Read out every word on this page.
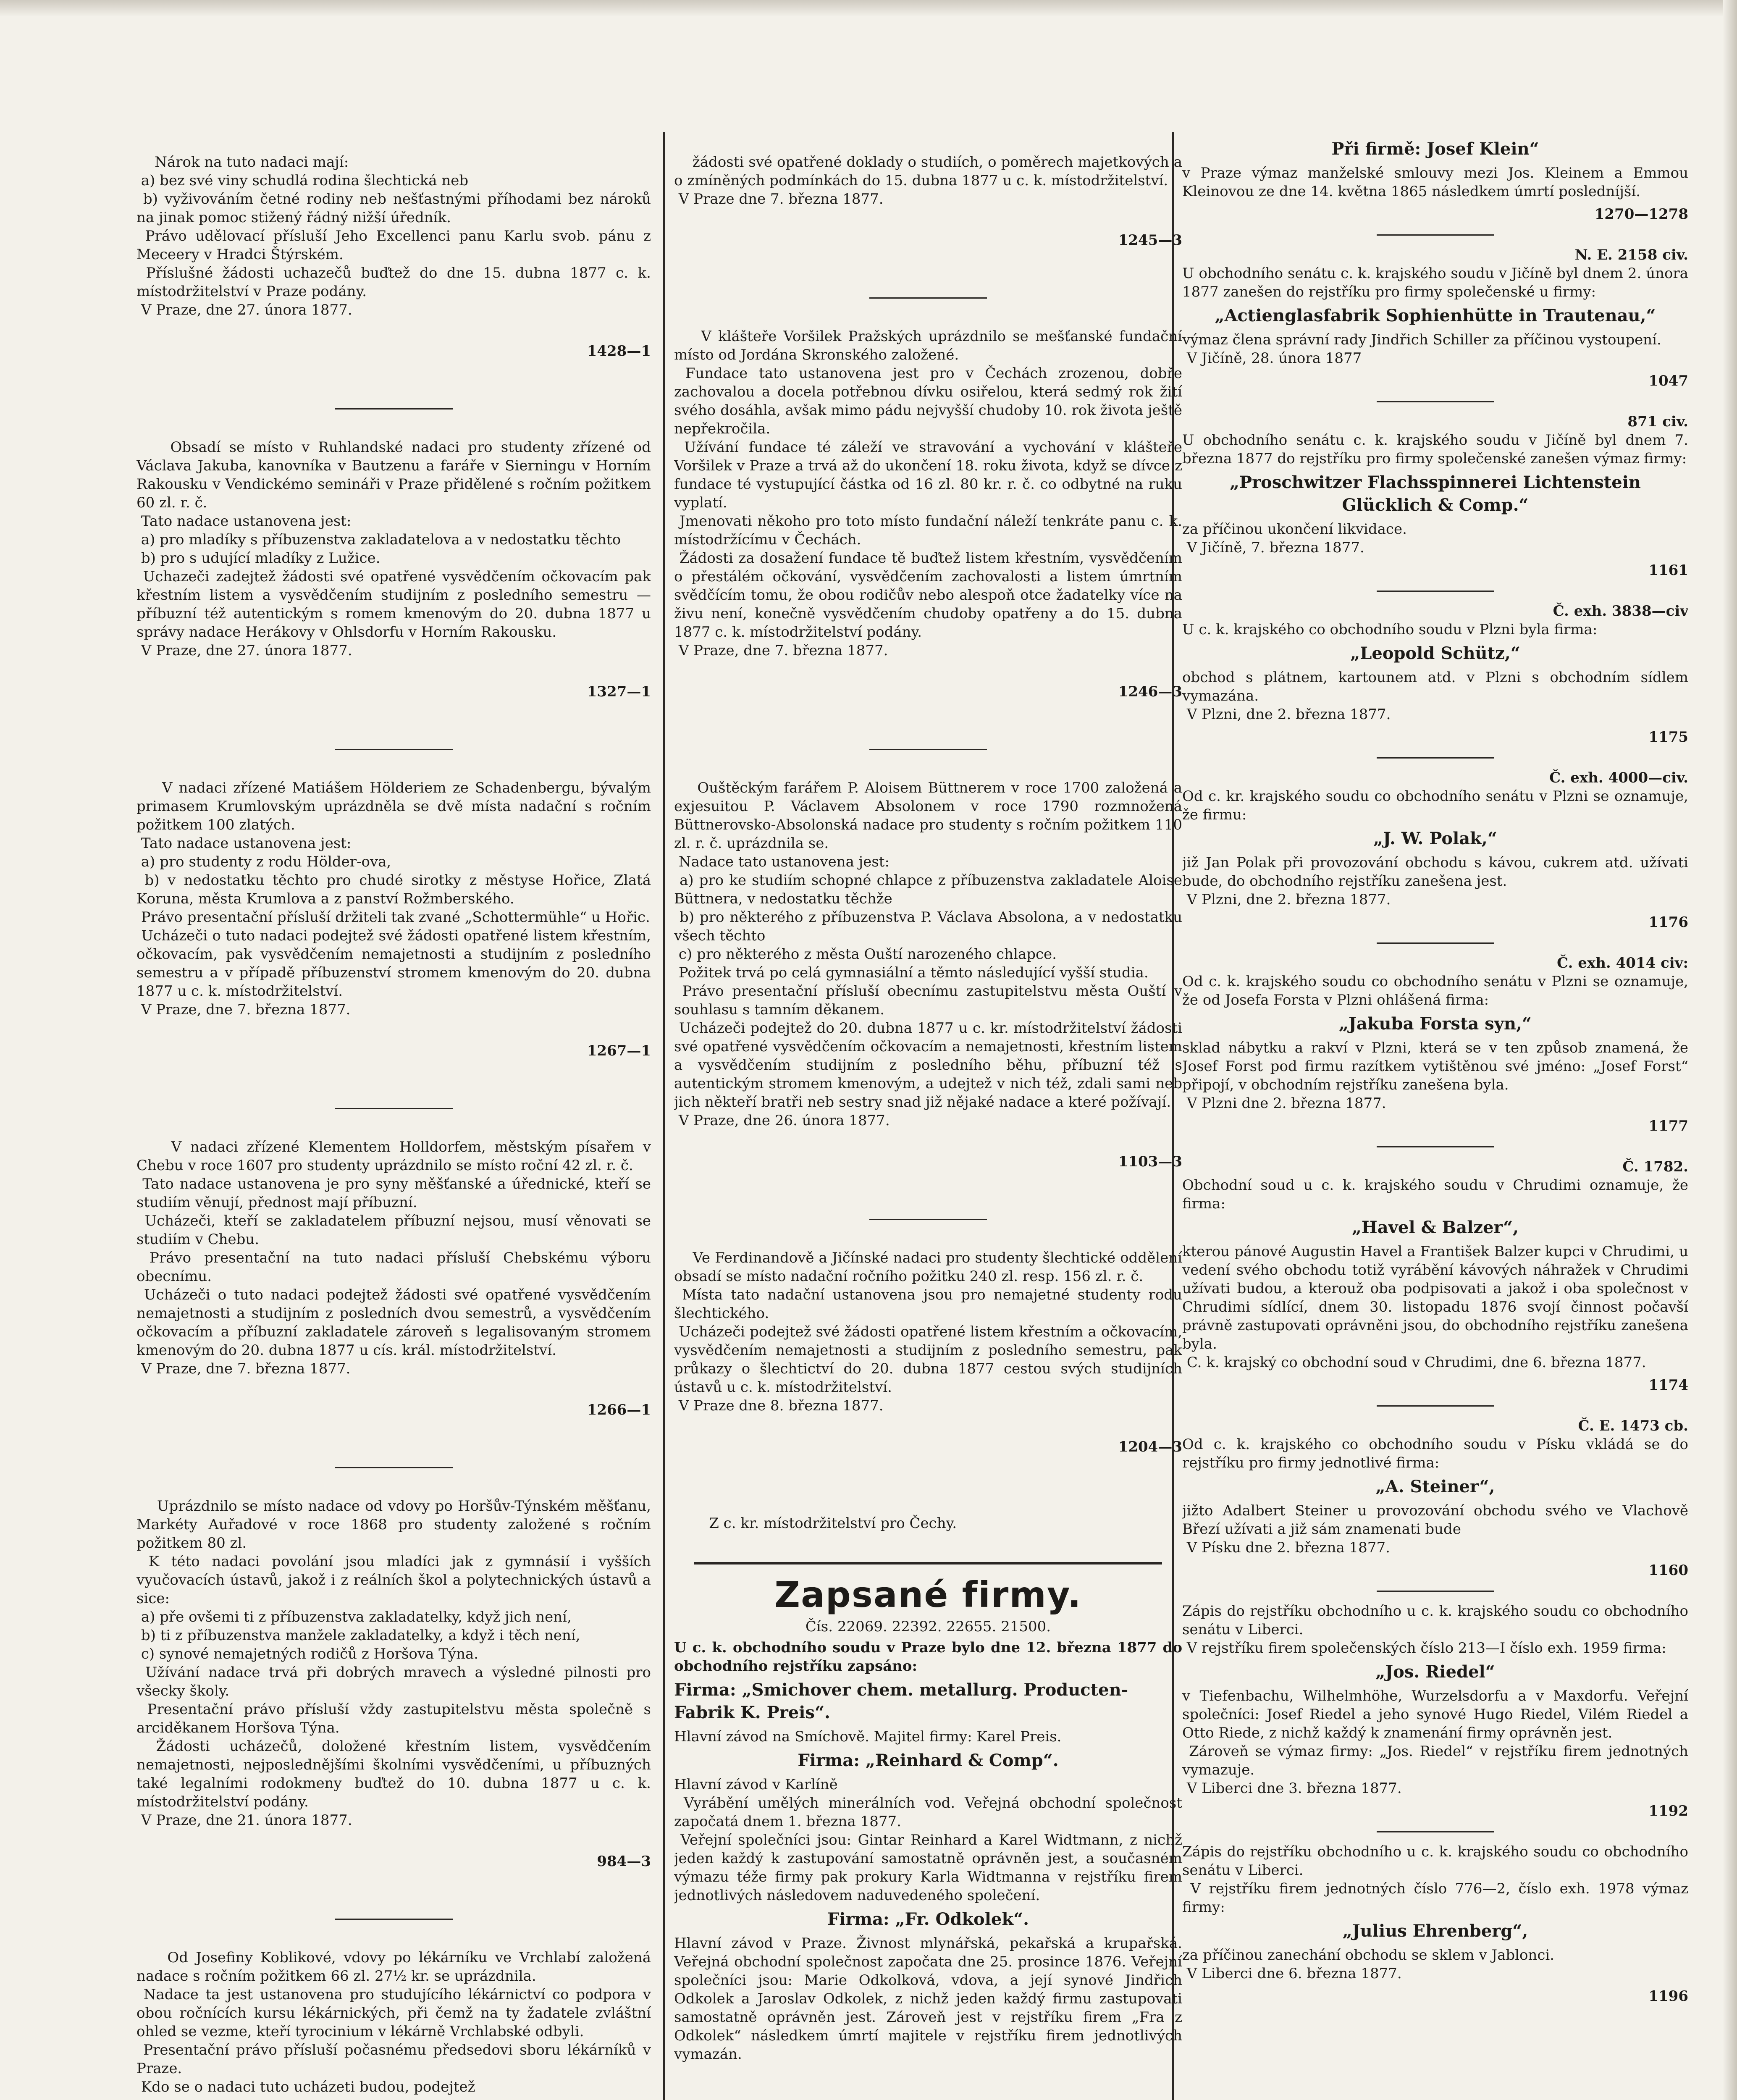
Nárok na tuto nadaci mají:
a) bez své viny schudlá rodina šlechtická neb
b) vyživováním četné rodiny neb nešťastnými příhodami bez nároků na jinak pomoc stižený řádný nižší úředník.
Právo udělovací přísluší Jeho Excellenci panu Karlu svob. pánu z Meceery v Hradci Štýrském.
Příslušné žádosti uchazečů buďtež do dne 15. dubna 1877 c. k. místodržitelství v Praze podány.
V Praze, dne 27. února 1877.

1428—1

Obsadí se místo v Ruhlandské nadaci pro studenty zřízené od Václava Jakuba, kanovníka v Bautzenu a faráře v Sierningu v Horním Rakousku v Vendickémo semináři v Praze přidělené s ročním požitkem 60 zl. r. č.
Tato nadace ustanovena jest:
a) pro mladíky s příbuzenstva zakladatelova a v nedostatku těchto
b) pro s udující mladíky z Lužice.
Uchazeči zadejtež žádosti své opatřené vysvědčením očkovacím pak křestním listem a vysvědčením studijním z posledního semestru — příbuzní též autentickým s romem kmenovým do 20. dubna 1877 u správy nadace Herákovy v Ohlsdorfu v Horním Rakousku.
V Praze, dne 27. února 1877.

1327—1

V nadaci zřízené Matiášem Hölderiem ze Schadenbergu, bývalým primasem Krumlovským uprázdněla se dvě místa nadační s ročním požitkem 100 zlatých.
Tato nadace ustanovena jest:
a) pro studenty z rodu Hölder-ova,
b) v nedostatku těchto pro chudé sirotky z městyse Hořice, Zlatá Koruna, města Krumlova a z panství Rožmberského.
Právo presentační přísluší držiteli tak zvané „Schottermühle“ u Hořic.
Ucházeči o tuto nadaci podejtež své žádosti opatřené listem křestním, očkovacím, pak vysvědčením nemajetnosti a studijním z posledního semestru a v případě příbuzenství stromem kmenovým do 20. dubna 1877 u c. k. místodržitelství.
V Praze, dne 7. března 1877.

1267—1

V nadaci zřízené Klementem Holldorfem, městským písařem v Chebu v roce 1607 pro studenty uprázdnilo se místo roční 42 zl. r. č.
Tato nadace ustanovena je pro syny měšťanské a úřednické, kteří se studiím věnují, přednost mají příbuzní.
Ucházeči, kteří se zakladatelem příbuzní nejsou, musí věnovati se studiím v Chebu.
Právo presentační na tuto nadaci přísluší Chebskému výboru obecnímu.
Ucházeči o tuto nadaci podejtež žádosti své opatřené vysvědčením nemajetnosti a studijním z posledních dvou semestrů, a vysvědčením očkovacím a příbuzní zakladatele zároveň s legalisovaným stromem kmenovým do 20. dubna 1877 u cís. král. místodržitelství.
V Praze, dne 7. března 1877.

1266—1

Uprázdnilo se místo nadace od vdovy po Horšův-Týnském měšťanu, Markéty Auřadové v roce 1868 pro studenty založené s ročním požitkem 80 zl.
K této nadaci povolání jsou mladíci jak z gymnásií i vyšších vyučovacích ústavů, jakož i z reálních škol a polytechnických ústavů a sice:
a) pře ovšemi ti z příbuzenstva zakladatelky, když jich není,
b) ti z příbuzenstva manžele zakladatelky, a když i těch není,
c) synové nemajetných rodičů z Horšova Týna.
Užívání nadace trvá při dobrých mravech a výsledné pilnosti pro všecky školy.
Presentační právo přísluší vždy zastupitelstvu města společně s arciděkanem Horšova Týna.
Žádosti ucházečů, doložené křestním listem, vysvědčením nemajetnosti, nejposlednějšími školními vysvědčeními, u příbuzných také legalními rodokmeny buďtež do 10. dubna 1877 u c. k. místodržitelství podány.
V Praze, dne 21. února 1877.

984—3

Od Josefiny Koblikové, vdovy po lékárníku ve Vrchlabí založená nadace s ročním požitkem 66 zl. 27½ kr. se uprázdnila.
Nadace ta jest ustanovena pro studujícího lékárnictví co podpora v obou ročnících kursu lékárnických, při čemž na ty žadatele zvláštní ohled se vezme, kteří tyrocinium v lékárně Vrchlabské odbyli.
Presentační právo přísluší počasnému předsedovi sboru lékárníků v Praze.
Kdo se o nadaci tuto ucházeti budou, podejtež

žádosti své opatřené doklady o studiích, o poměrech majetkových a o zmíněných podmínkách do 15. dubna 1877 u c. k. místodržitelství.
V Praze dne 7. března 1877.

1245—3

V klášteře Voršilek Pražských uprázdnilo se mešťanské fundační místo od Jordána Skronského založené.
Fundace tato ustanovena jest pro v Čechách zrozenou, dobře zachovalou a docela potřebnou dívku osiřelou, která sedmý rok žití svého dosáhla, avšak mimo pádu nejvyšší chudoby 10. rok života ještě nepřekročila.
Užívání fundace té záleží ve stravování a vychování v klášteře Voršilek v Praze a trvá až do ukončení 18. roku života, když se dívce z fundace té vystupující částka od 16 zl. 80 kr. r. č. co odbytné na ruku vyplatí.
Jmenovati někoho pro toto místo fundační náleží tenkráte panu c. k. místodržícímu v Čechách.
Žádosti za dosažení fundace tě buďtež listem křestním, vysvědčením o přestálém očkování, vysvědčením zachovalosti a listem úmrtním svědčícím tomu, že obou rodičův nebo alespoň otce žadatelky více na živu není, konečně vysvědčením chudoby opatřeny a do 15. dubna 1877 c. k. místodržitelství podány.
V Praze, dne 7. března 1877.

1246—3

Ouštěckým farářem P. Aloisem Büttnerem v roce 1700 založená a exjesuitou P. Václavem Absolonem v roce 1790 rozmnožená Büttnerovsko-Absolonská nadace pro studenty s ročním požitkem 110 zl. r. č. uprázdnila se.
Nadace tato ustanovena jest:
a) pro ke studiím schopné chlapce z příbuzenstva zakladatele Aloise Büttnera, v nedostatku těchže
b) pro některého z příbuzenstva P. Václava Absolona, a v nedostatku všech těchto
c) pro některého z města Ouští narozeného chlapce.
Požitek trvá po celá gymnasiální a těmto následující vyšší studia.
Právo presentační přísluší obecnímu zastupitelstvu města Ouští v souhlasu s tamním děkanem.
Ucházeči podejtež do 20. dubna 1877 u c. kr. místodržitelství žádosti své opatřené vysvědčením očkovacím a nemajetnosti, křestním listem a vysvědčením studijním z posledního běhu, příbuzní též s autentickým stromem kmenovým, a udejtež v nich též, zdali sami neb jich někteří bratři neb sestry snad již nějaké nadace a které požívají.
V Praze, dne 26. února 1877.

1103—3

Ve Ferdinandově a Jičínské nadaci pro studenty šlechtické oddělení obsadí se místo nadační ročního požitku 240 zl. resp. 156 zl. r. č.
Místa tato nadační ustanovena jsou pro nemajetné studenty rodu šlechtického.
Ucházeči podejtež své žádosti opatřené listem křestním a očkovacím, vysvědčením nemajetnosti a studijním z posledního semestru, pak průkazy o šlechtictví do 20. dubna 1877 cestou svých studijních ústavů u c. k. místodržitelství.
V Praze dne 8. března 1877.

1204—3

Z c. kr. místodržitelství pro Čechy.

Zapsané firmy.
Čís. 22069. 22392. 22655. 21500.
U c. k. obchodního soudu v Praze bylo dne 12. března 1877 do obchodního rejstříku zapsáno:
Firma: „Smichover chem. metallurg. Producten-Fabrik K. Preis“.
Hlavní závod na Smíchově. Majitel firmy: Karel Preis.
Firma: „Reinhard & Comp“.
Hlavní závod v Karlíně
Vyrábění umělých minerálních vod. Veřejná obchodní společnost započatá dnem 1. března 1877.
Veřejní společníci jsou: Gintar Reinhard a Karel Widtmann, z nichž jeden každý k zastupování samostatně oprávněn jest, a současném výmazu téže firmy pak prokury Karla Widtmanna v rejstříku firem jednotlivých následovem naduvedeného společení.
Firma: „Fr. Odkolek“.
Hlavní závod v Praze. Živnost mlynářská, pekařská a krupařská. Veřejná obchodní společnost započata dne 25. prosince 1876. Veřejní společníci jsou: Marie Odkolková, vdova, a její synové Jindřich Odkolek a Jaroslav Odkolek, z nichž jeden každý firmu zastupovati samostatně oprávněn jest. Zároveň jest v rejstříku firem „Fra z Odkolek“ následkem úmrtí majitele v rejstříku firem jednotlivých vymazán.
Při firmě: Josef Klein“
v Praze výmaz manželské smlouvy mezi Jos. Kleinem a Emmou Kleinovou ze dne 14. května 1865 následkem úmrtí posledníjší.
1270—1278
N. E. 2158 civ.
U obchodního senátu c. k. krajského soudu v Jičíně byl dnem 2. února 1877 zanešen do rejstříku pro firmy společenské u firmy:
„Actienglasfabrik Sophienhütte in Trautenau,“
výmaz člena správní rady Jindřich Schiller za příčinou vystoupení.
V Jičíně, 28. února 1877
1047
871 civ.
U obchodního senátu c. k. krajského soudu v Jičíně byl dnem 7. března 1877 do rejstříku pro firmy společenské zanešen výmaz firmy:
„Proschwitzer Flachsspinnerei Lichtenstein Glücklich & Comp.“
za příčinou ukončení likvidace.
V Jičíně, 7. března 1877.
1161
Č. exh. 3838—civ
U c. k. krajského co obchodního soudu v Plzni byla firma:
„Leopold Schütz,“
obchod s plátnem, kartounem atd. v Plzni s obchodním sídlem vymazána.
V Plzni, dne 2. března 1877.
1175
Č. exh. 4000—civ.
Od c. kr. krajského soudu co obchodního senátu v Plzni se oznamuje, že firmu:
„J. W. Polak,“
již Jan Polak při provozování obchodu s kávou, cukrem atd. užívati bude, do obchodního rejstříku zanešena jest.
V Plzni, dne 2. března 1877.
1176
Č. exh. 4014 civ:
Od c. k. krajského soudu co obchodního senátu v Plzni se oznamuje, že od Josefa Forsta v Plzni ohlášená firma:
„Jakuba Forsta syn,“
sklad nábytku a rakví v Plzni, která se v ten způsob znamená, že Josef Forst pod firmu razítkem vytištěnou své jméno: „Josef Forst“ připojí, v obchodním rejstříku zanešena byla.
V Plzni dne 2. března 1877.
1177
Č. 1782.
Obchodní soud u c. k. krajského soudu v Chrudimi oznamuje, že firma:
„Havel & Balzer“,
kterou pánové Augustin Havel a František Balzer kupci v Chrudimi, u vedení svého obchodu totiž vyrábění kávových náhražek v Chrudimi užívati budou, a kterouž oba podpisovati a jakož i oba společnost v Chrudimi sídlící, dnem 30. listopadu 1876 svojí činnost počavší právně zastupovati oprávněni jsou, do obchodního rejstříku zanešena byla.
C. k. krajský co obchodní soud v Chrudimi, dne 6. března 1877.
1174
Č. E. 1473 cb.
Od c. k. krajského co obchodního soudu v Písku vkládá se do rejstříku pro firmy jednotlivé firma:
„A. Steiner“,
jižto Adalbert Steiner u provozování obchodu svého ve Vlachově Březí užívati a již sám znamenati bude
V Písku dne 2. března 1877.
1160
Zápis do rejstříku obchodního u c. k. krajského soudu co obchodního senátu v Liberci.
V rejstříku firem společenských číslo 213—I číslo exh. 1959 firma:
„Jos. Riedel“
v Tiefenbachu, Wilhelmhöhe, Wurzelsdorfu a v Maxdorfu. Veřejní společníci: Josef Riedel a jeho synové Hugo Riedel, Vilém Riedel a Otto Riede, z nichž každý k znamenání firmy oprávněn jest.
Zároveň se výmaz firmy: „Jos. Riedel“ v rejstříku firem jednotných vymazuje.
V Liberci dne 3. března 1877.
1192
Zápis do rejstříku obchodního u c. k. krajského soudu co obchodního senátu v Liberci.
V rejstříku firem jednotných číslo 776—2, číslo exh. 1978 výmaz firmy:
„Julius Ehrenberg“,
za příčinou zanechání obchodu se sklem v Jablonci.
V Liberci dne 6. března 1877.
1196
